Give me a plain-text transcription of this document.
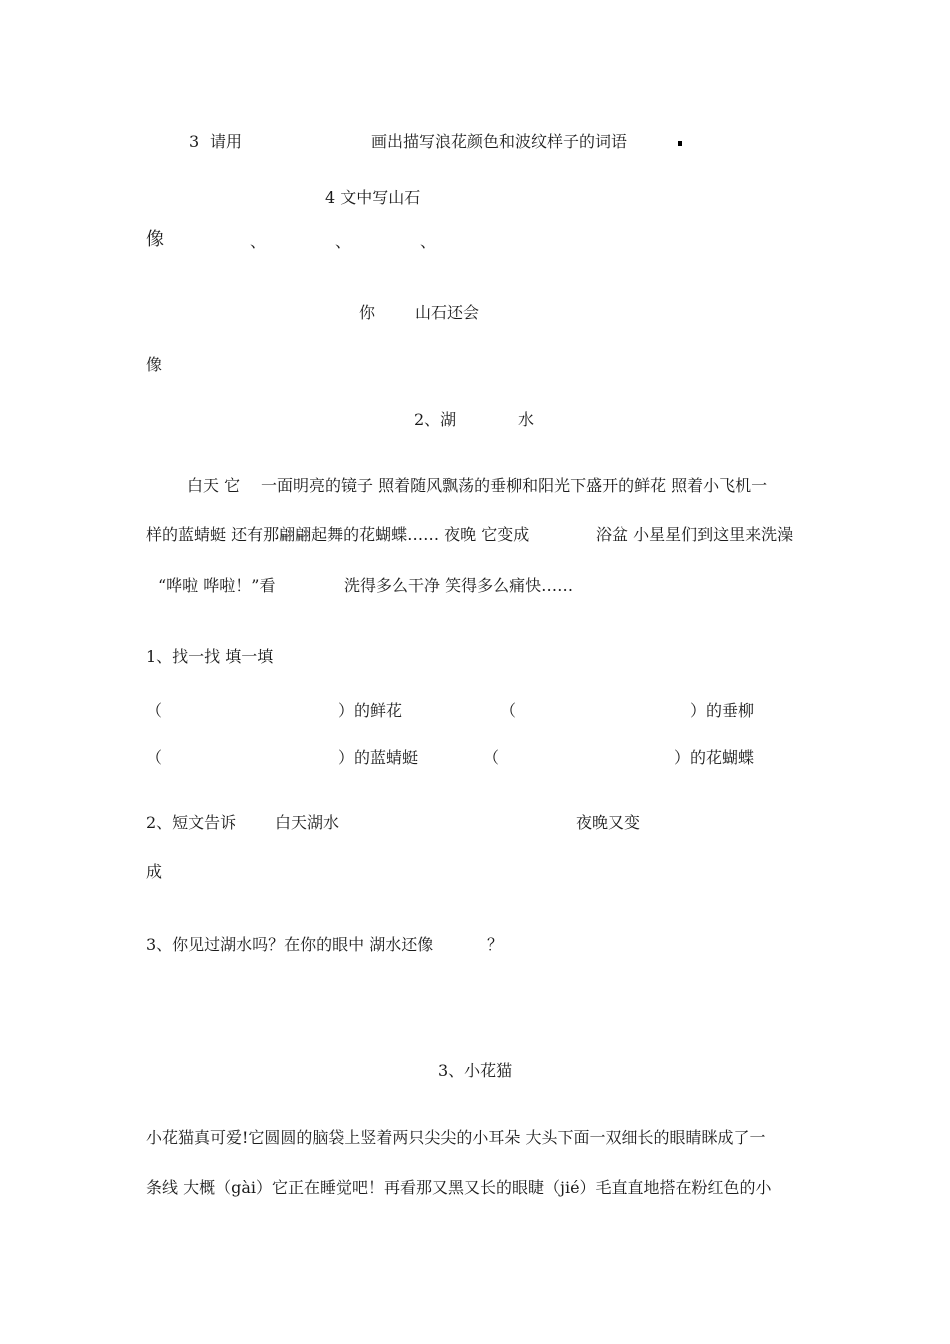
3 请用	画出描写浪花颜色和波纹样子的词语
4 文中写山石
像	、	、	、
你 山石还会
像
2、湖	水
白天 它 一面明亮的镜子 照着随风飘荡的垂柳和阳光下盛开的鲜花 照着小飞机一
样的蓝蜻蜓 还有那翩翩起舞的花蝴蝶…… 夜晚 它变成	浴盆 小星星们到这里来洗澡
“哗啦 哗啦！”看	洗得多么干净 笑得多么痛快……
1、找一找 填一填
（	）的鲜花	（	）的垂柳
（	）的蓝蜻蜓	（	）的花蝴蝶
2、短文告诉 白天湖水	夜晚又变
成
3、你见过湖水吗？在你的眼中 湖水还像	？
3、小花猫
小花猫真可爱!它圆圆的脑袋上竖着两只尖尖的小耳朵 大头下面一双细长的眼睛眯成了一
条线 大概（gài）它正在睡觉吧！再看那又黑又长的眼睫（jié）毛直直地搭在粉红色的小
